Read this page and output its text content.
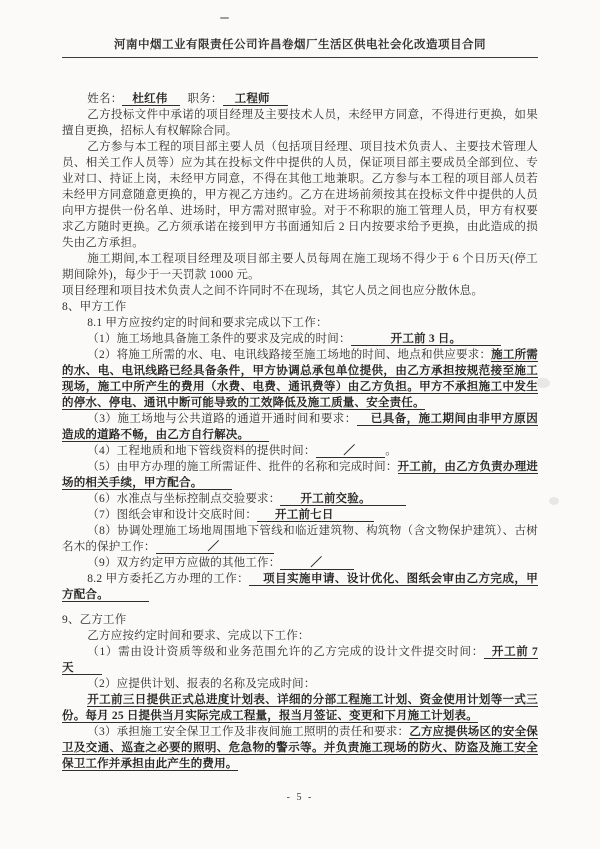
河南中烟工业有限责任公司许昌卷烟厂生活区供电社会化改造项目合同

姓名： 杜红伟 职务： 工程师

乙方投标文件中承诺的项目经理及主要技术人员，未经甲方同意，不得进行更换，如果擅自更换，招标人有权解除合同。

乙方参与本工程的项目部主要人员（包括项目经理、项目技术负责人、主要技术管理人员、相关工作人员等）应为其在投标文件中提供的人员，保证项目部主要成员全部到位、专业对口、持证上岗，未经甲方同意，不得在其他工地兼职。乙方参与本工程的项目部人员若未经甲方同意随意更换的，甲方视乙方违约。乙方在进场前须按其在投标文件中提供的人员向甲方提供一份名单、进场时，甲方需对照审验。对于不称职的施工管理人员，甲方有权要求乙方随时更换。乙方须承诺在接到甲方书面通知后 2 日内按要求给予更换，由此造成的损失由乙方承担。

施工期间,本工程项目经理及项目部主要人员每周在施工现场不得少于 6 个日历天(停工期间除外)，每少于一天罚款 1000 元。

项目经理和项目技术负责人之间不许同时不在现场，其它人员之间也应分散休息。

8、甲方工作

8.1 甲方应按约定的时间和要求完成以下工作：

（1）施工场地具备施工条件的要求及完成的时间：	开工前 3 日。

（2）将施工所需的水、电、电讯线路接至施工场地的时间、地点和供应要求：施工所需的水、电、电讯线路已经具备条件，甲方协调总承包单位提供，由乙方承担按规范接至施工现场，施工中所产生的费用（水费、电费、通讯费等）由乙方负担。甲方不承担施工中发生的停水、停电、通讯中断可能导致的工效降低及施工质量、安全责任。

（3）施工场地与公共道路的通道开通时间和要求： 已具备，施工期间由非甲方原因造成的道路不畅，由乙方自行解决。

（4）工程地质和地下管线资料的提供时间： ／	。

（5）由甲方办理的施工所需证件、批件的名称和完成时间：开工前，由乙方负责办理进场的相关手续，甲方配合。

（6）水准点与坐标控制点交验要求： 开工前交验。

（7）图纸会审和设计交底时间： 开工前七日

（8）协调处理施工场地周围地下管线和临近建筑物、构筑物（含文物保护建筑）、古树名木的保护工作：	／

（9）双方约定甲方应做的其他工作：	／

8.2 甲方委托乙方办理的工作： 项目实施申请、设计优化、图纸会审由乙方完成，甲方配合。

9、乙方工作

乙方应按约定时间和要求、完成以下工作：

（1）需由设计资质等级和业务范围允许的乙方完成的设计文件提交时间： 开工前 7 天

（2）应提供计划、报表的名称及完成时间：

开工前三日提供正式总进度计划表、详细的分部工程施工计划、资金使用计划等一式三份。每月 25 日提供当月实际完成工程量，报当月签证、变更和下月施工计划表。

（3）承担施工安全保卫工作及非夜间施工照明的责任和要求：乙方应提供场区的安全保卫及交通、巡查之必要的照明、危急物的警示等。并负责施工现场的防火、防盗及施工安全保卫工作并承担由此产生的费用。

- 5 -
